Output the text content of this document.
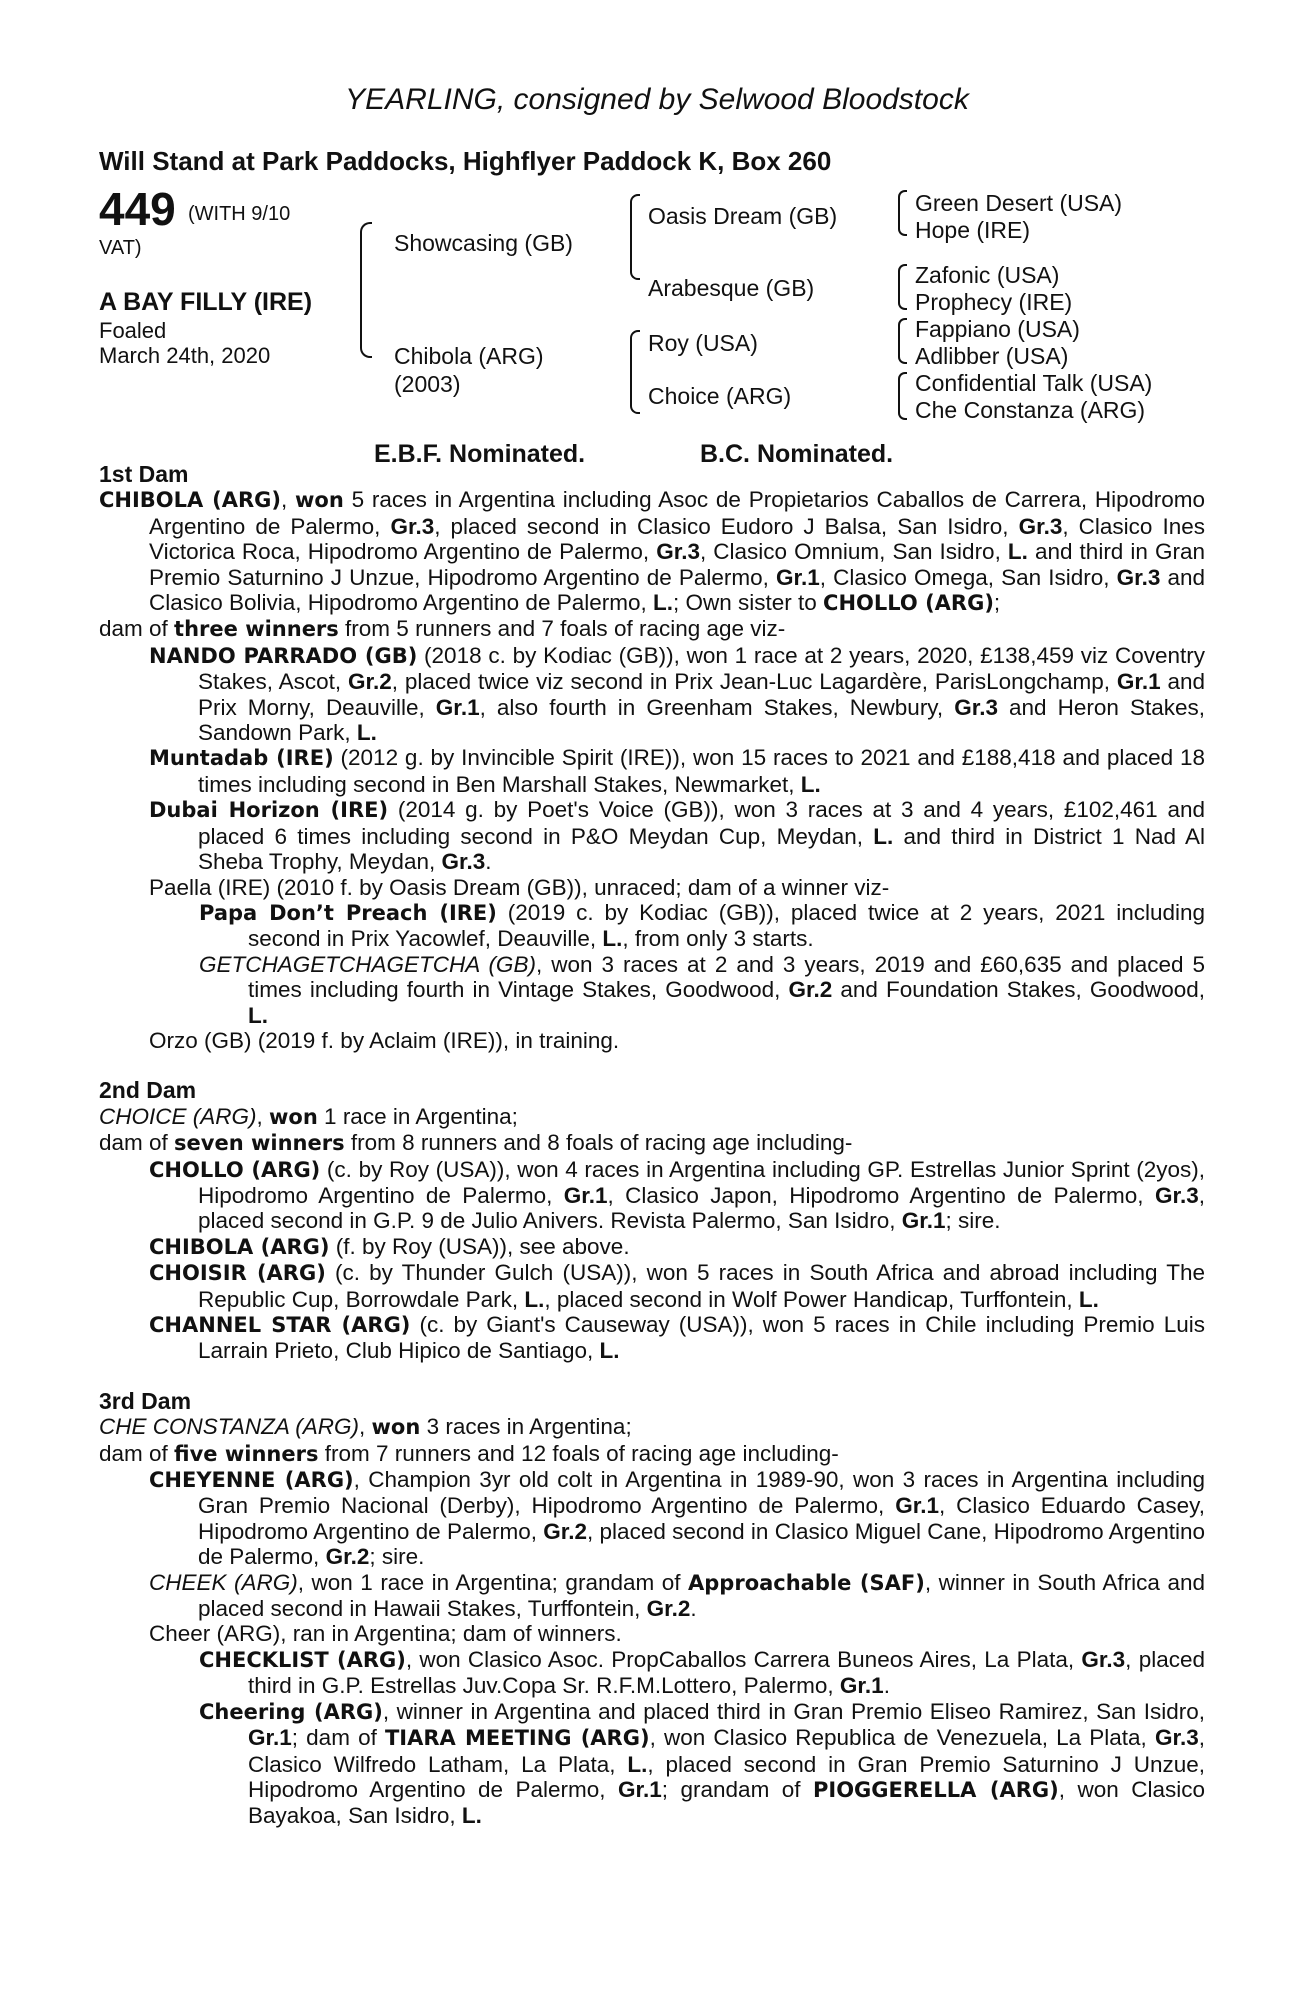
YEARLING, consigned by Selwood Bloodstock
Will Stand at Park Paddocks, Highflyer Paddock K, Box 260
449 (WITH 9/10
VAT)
A BAY FILLY (IRE)
Foaled
March 24th, 2020
Showcasing (GB)
Chibola (ARG)
(2003)
Oasis Dream (GB)
Arabesque (GB)
Roy (USA)
Choice (ARG)
Green Desert (USA)
Hope (IRE)
Zafonic (USA)
Prophecy (IRE)
Fappiano (USA)
Adlibber (USA)
Confidential Talk (USA)
Che Constanza (ARG)
E.B.F. Nominated.	B.C. Nominated.
1st Dam
CHIBOLA (ARG), won 5 races in Argentina including Asoc de Propietarios Caballos de Carrera, Hipodromo Argentino de Palermo, Gr.3, placed second in Clasico Eudoro J Balsa, San Isidro, Gr.3, Clasico Ines Victorica Roca, Hipodromo Argentino de Palermo, Gr.3, Clasico Omnium, San Isidro, L. and third in Gran Premio Saturnino J Unzue, Hipodromo Argentino de Palermo, Gr.1, Clasico Omega, San Isidro, Gr.3 and Clasico Bolivia, Hipodromo Argentino de Palermo, L.; Own sister to CHOLLO (ARG);
dam of three winners from 5 runners and 7 foals of racing age viz-
NANDO PARRADO (GB) (2018 c. by Kodiac (GB)), won 1 race at 2 years, 2020, £138,459 viz Coventry Stakes, Ascot, Gr.2, placed twice viz second in Prix Jean-Luc Lagardère, ParisLongchamp, Gr.1 and Prix Morny, Deauville, Gr.1, also fourth in Greenham Stakes, Newbury, Gr.3 and Heron Stakes, Sandown Park, L.
Muntadab (IRE) (2012 g. by Invincible Spirit (IRE)), won 15 races to 2021 and £188,418 and placed 18 times including second in Ben Marshall Stakes, Newmarket, L.
Dubai Horizon (IRE) (2014 g. by Poet's Voice (GB)), won 3 races at 3 and 4 years, £102,461 and placed 6 times including second in P&O Meydan Cup, Meydan, L. and third in District 1 Nad Al Sheba Trophy, Meydan, Gr.3.
Paella (IRE) (2010 f. by Oasis Dream (GB)), unraced; dam of a winner viz-
Papa Don’t Preach (IRE) (2019 c. by Kodiac (GB)), placed twice at 2 years, 2021 including second in Prix Yacowlef, Deauville, L., from only 3 starts.
GETCHAGETCHAGETCHA (GB), won 3 races at 2 and 3 years, 2019 and £60,635 and placed 5 times including fourth in Vintage Stakes, Goodwood, Gr.2 and Foundation Stakes, Goodwood, L.
Orzo (GB) (2019 f. by Aclaim (IRE)), in training.
2nd Dam
CHOICE (ARG), won 1 race in Argentina;
dam of seven winners from 8 runners and 8 foals of racing age including-
CHOLLO (ARG) (c. by Roy (USA)), won 4 races in Argentina including GP. Estrellas Junior Sprint (2yos), Hipodromo Argentino de Palermo, Gr.1, Clasico Japon, Hipodromo Argentino de Palermo, Gr.3, placed second in G.P. 9 de Julio Anivers. Revista Palermo, San Isidro, Gr.1; sire.
CHIBOLA (ARG) (f. by Roy (USA)), see above.
CHOISIR (ARG) (c. by Thunder Gulch (USA)), won 5 races in South Africa and abroad including The Republic Cup, Borrowdale Park, L., placed second in Wolf Power Handicap, Turffontein, L.
CHANNEL STAR (ARG) (c. by Giant's Causeway (USA)), won 5 races in Chile including Premio Luis Larrain Prieto, Club Hipico de Santiago, L.
3rd Dam
CHE CONSTANZA (ARG), won 3 races in Argentina;
dam of five winners from 7 runners and 12 foals of racing age including-
CHEYENNE (ARG), Champion 3yr old colt in Argentina in 1989-90, won 3 races in Argentina including Gran Premio Nacional (Derby), Hipodromo Argentino de Palermo, Gr.1, Clasico Eduardo Casey, Hipodromo Argentino de Palermo, Gr.2, placed second in Clasico Miguel Cane, Hipodromo Argentino de Palermo, Gr.2; sire.
CHEEK (ARG), won 1 race in Argentina; grandam of Approachable (SAF), winner in South Africa and placed second in Hawaii Stakes, Turffontein, Gr.2.
Cheer (ARG), ran in Argentina; dam of winners.
CHECKLIST (ARG), won Clasico Asoc. PropCaballos Carrera Buneos Aires, La Plata, Gr.3, placed third in G.P. Estrellas Juv.Copa Sr. R.F.M.Lottero, Palermo, Gr.1.
Cheering (ARG), winner in Argentina and placed third in Gran Premio Eliseo Ramirez, San Isidro, Gr.1; dam of TIARA MEETING (ARG), won Clasico Republica de Venezuela, La Plata, Gr.3, Clasico Wilfredo Latham, La Plata, L., placed second in Gran Premio Saturnino J Unzue, Hipodromo Argentino de Palermo, Gr.1; grandam of PIOGGERELLA (ARG), won Clasico Bayakoa, San Isidro, L.
